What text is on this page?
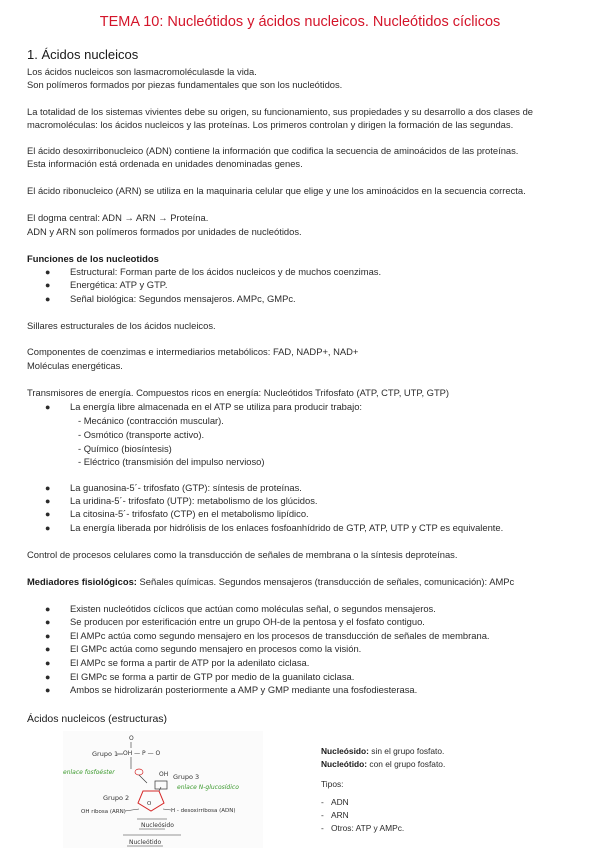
TEMA 10: Nucleótidos y ácidos nucleicos. Nucleótidos cíclicos
1. Ácidos nucleicos
Los ácidos nucleicos son lasmacromoléculasde la vida.
Son polímeros formados por piezas fundamentales que son los nucleótidos.
La totalidad de los sistemas vivientes debe su origen, su funcionamiento, sus propiedades y su desarrollo a dos clases de
macromoléculas: los ácidos nucleicos y las proteínas. Los primeros controlan y dirigen la formación de las segundas.
El ácido desoxirribonucleico (ADN) contiene la información que codifica la secuencia de aminoácidos de las proteínas.
Esta información está ordenada en unidades denominadas genes.
El ácido ribonucleico (ARN) se utiliza en la maquinaria celular que elige y une los aminoácidos en la secuencia correcta.
El dogma central: ADN → ARN → Proteína.
ADN y ARN son polímeros formados por unidades de nucleótidos.
Funciones de los nucleotidos
● Estructural: Forman parte de los ácidos nucleicos y de muchos coenzimas.
● Energética: ATP y GTP.
● Señal biológica: Segundos mensajeros. AMPc, GMPc.
Sillares estructurales de los ácidos nucleicos.
Componentes de coenzimas e intermediarios metabólicos: FAD, NADP+, NAD+
Moléculas energéticas.
Transmisores de energía. Compuestos ricos en energía: Nucleótidos Trifosfato (ATP, CTP, UTP, GTP)
● La energía libre almacenada en el ATP se utiliza para producir trabajo:
- Mecánico (contracción muscular).
- Osmótico (transporte activo).
- Químico (biosíntesis)
- Eléctrico (transmisión del impulso nervioso)
● La guanosina-5´- trifosfato (GTP): síntesis de proteínas.
● La uridina-5´- trifosfato (UTP): metabolismo de los glúcidos.
● La citosina-5´- trifosfato (CTP) en el metabolismo lipídico.
● La energía liberada por hidrólisis de los enlaces fosfoanhídrido de GTP, ATP, UTP y CTP es equivalente.
Control de procesos celulares como la transducción de señales de membrana o la síntesis deproteínas.
Mediadores fisiológicos: Señales químicas. Segundos mensajeros (transducción de señales, comunicación): AMPc
● Existen nucleótidos cíclicos que actúan como moléculas señal, o segundos mensajeros.
● Se producen por esterificación entre un grupo OH-de la pentosa y el fosfato contiguo.
● El AMPc actúa como segundo mensajero en los procesos de transducción de señales de membrana.
● El GMPc actúa como segundo mensajero en procesos como la visión.
● El AMPc se forma a partir de ATP por la adenilato ciclasa.
● El GMPc se forma a partir de GTP por medio de la guanilato ciclasa.
● Ambos se hidrolizarán posteriormente a AMP y GMP mediante una fosfodiesterasa.
Ácidos nucleicos (estructuras)
Grupo 1
O
OH — P — O
enlace fosfoéster	OH Grupo 3
enlace N-glucosídico
Grupo 2
O
OH ribosa (ARN)	H - desoxirribosa (ADN)
Nucleósido
Nucleótido
Nucleósido: sin el grupo fosfato.
Nucleótido: con el grupo fosfato.
Tipos:
- ADN
- ARN
- Otros: ATP y AMPc.
